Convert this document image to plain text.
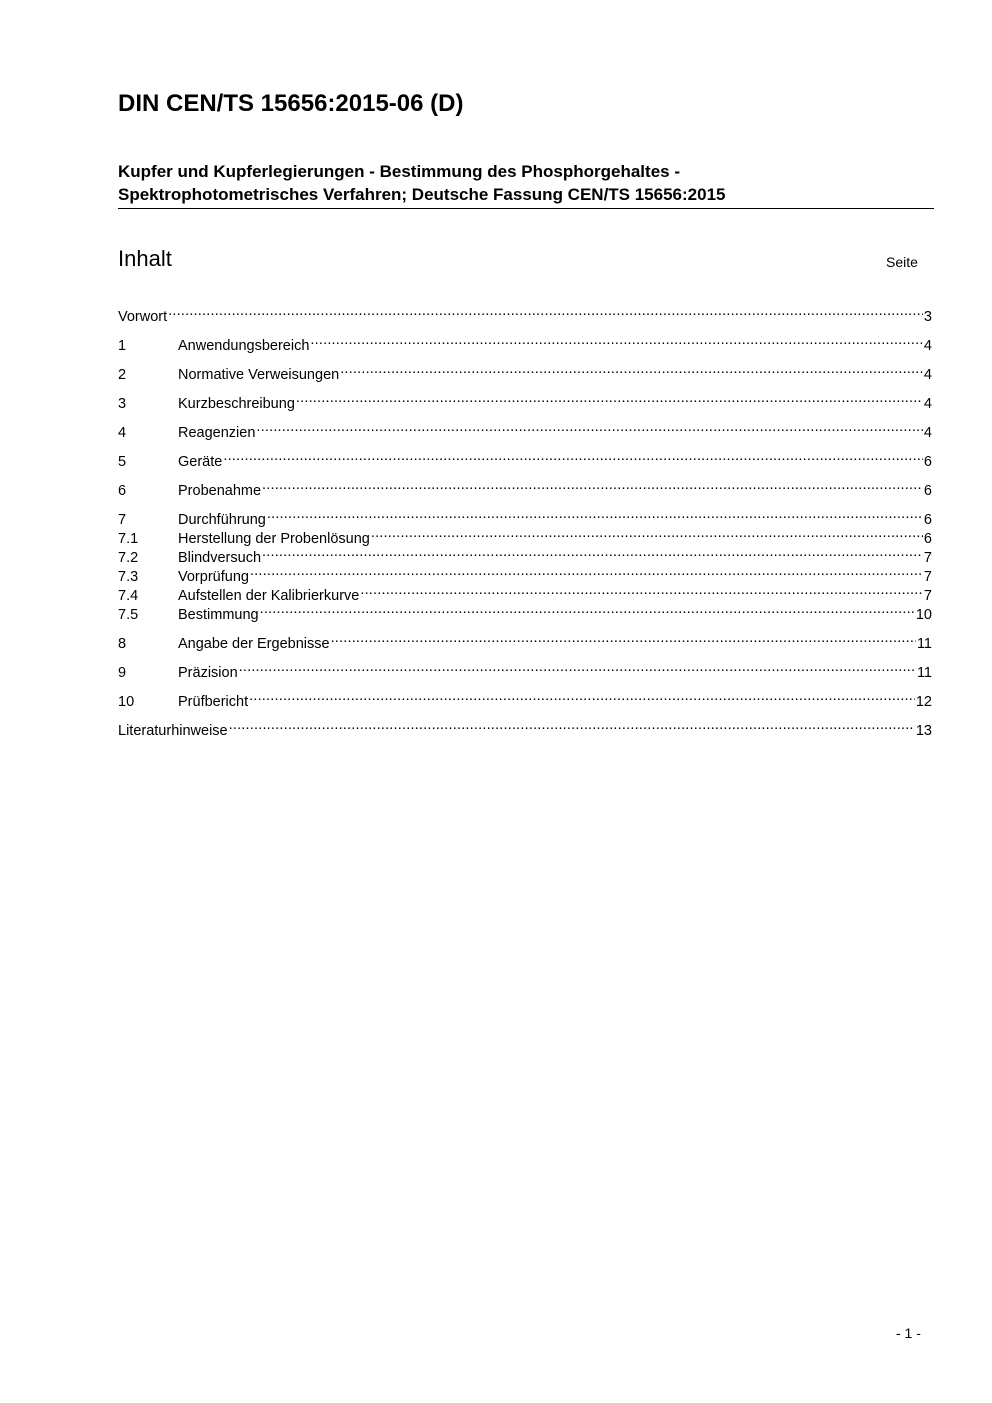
DIN CEN/TS 15656:2015-06 (D)
Kupfer und Kupferlegierungen - Bestimmung des Phosphorgehaltes -
Spektrophotometrisches Verfahren; Deutsche Fassung CEN/TS 15656:2015
Inhalt	Seite
Vorwort .....	3
1	Anwendungsbereich .....	4
2	Normative Verweisungen .....	4
3	Kurzbeschreibung .....	4
4	Reagenzien .....	4
5	Geräte .....	6
6	Probenahme .....	6
7	Durchführung .....	6
7.1	Herstellung der Probenlösung .....	6
7.2	Blindversuch .....	7
7.3	Vorprüfung .....	7
7.4	Aufstellen der Kalibrierkurve .....	7
7.5	Bestimmung .....	10
8	Angabe der Ergebnisse .....	11
9	Präzision .....	11
10	Prüfbericht .....	12
Literaturhinweise .....	13
- 1 -
